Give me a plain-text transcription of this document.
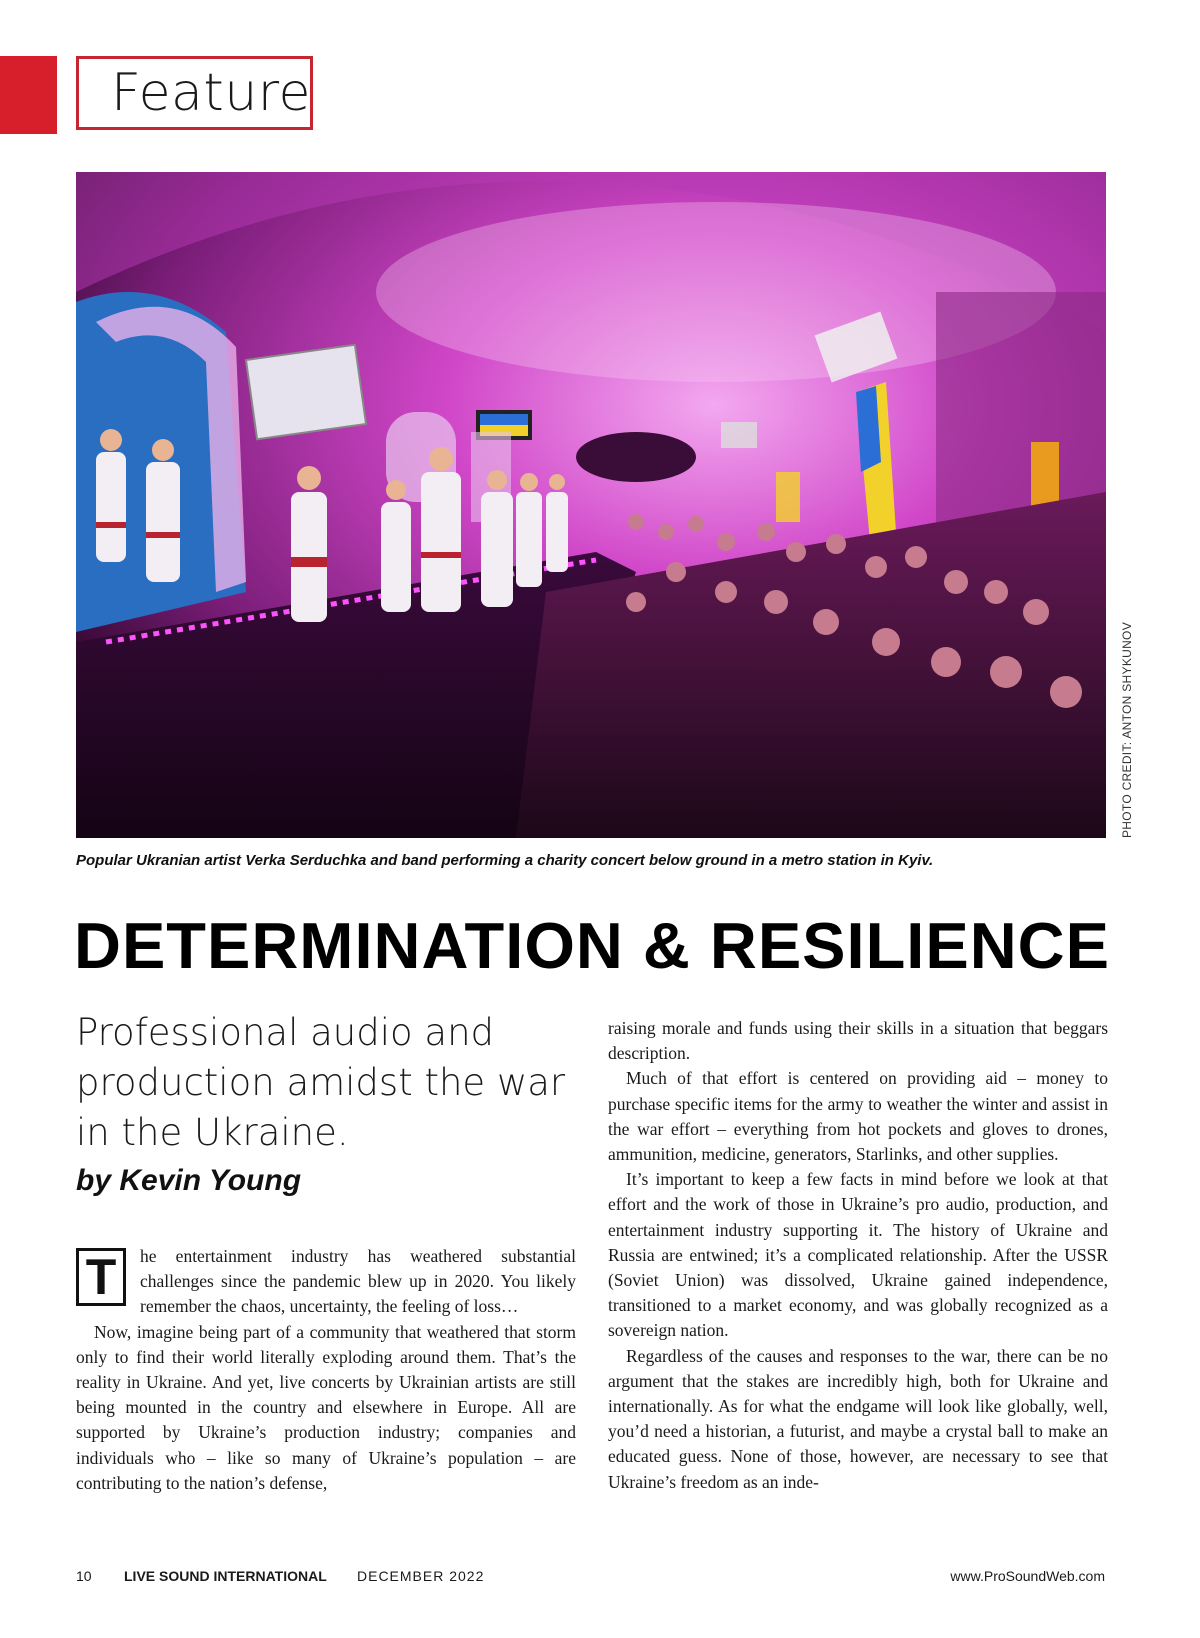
Feature
PHOTO CREDIT: ANTON SHYKUNOV
Popular Ukranian artist Verka Serduchka and band performing a charity concert below ground in a metro station in Kyiv.
DETERMINATION & RESILIENCE

Professional audio and production amidst the war in the Ukraine.

by Kevin Young

T	he entertainment industry has weathered substantial challenges since the pandemic blew up in 2020. You likely remember the chaos, uncertainty, the feeling of loss…

Now, imagine being part of a community that weathered that storm only to find their world literally exploding around them. That’s the reality in Ukraine. And yet, live concerts by Ukrainian artists are still being mounted in the country and elsewhere in Europe. All are supported by Ukraine’s production industry; companies and individuals who – like so many of Ukraine’s population – are contributing to the nation’s defense,

raising morale and funds using their skills in a situation that beggars description.

Much of that effort is centered on providing aid – money to purchase specific items for the army to weather the winter and assist in the war effort – everything from hot pockets and gloves to drones, ammunition, medicine, generators, Starlinks, and other supplies.

It’s important to keep a few facts in mind before we look at that effort and the work of those in Ukraine’s pro audio, production, and entertainment industry supporting it. The history of Ukraine and Russia are entwined; it’s a complicated relationship. After the USSR (Soviet Union) was dissolved, Ukraine gained independence, transitioned to a market economy, and was globally recognized as a sovereign nation.

Regardless of the causes and responses to the war, there can be no argument that the stakes are incredibly high, both for Ukraine and internationally. As for what the endgame will look like globally, well, you’d need a historian, a futurist, and maybe a crystal ball to make an educated guess. None of those, however, are necessary to see that Ukraine’s freedom as an inde-

10 LIVE SOUND INTERNATIONAL DECEMBER 2022	www.ProSoundWeb.com
